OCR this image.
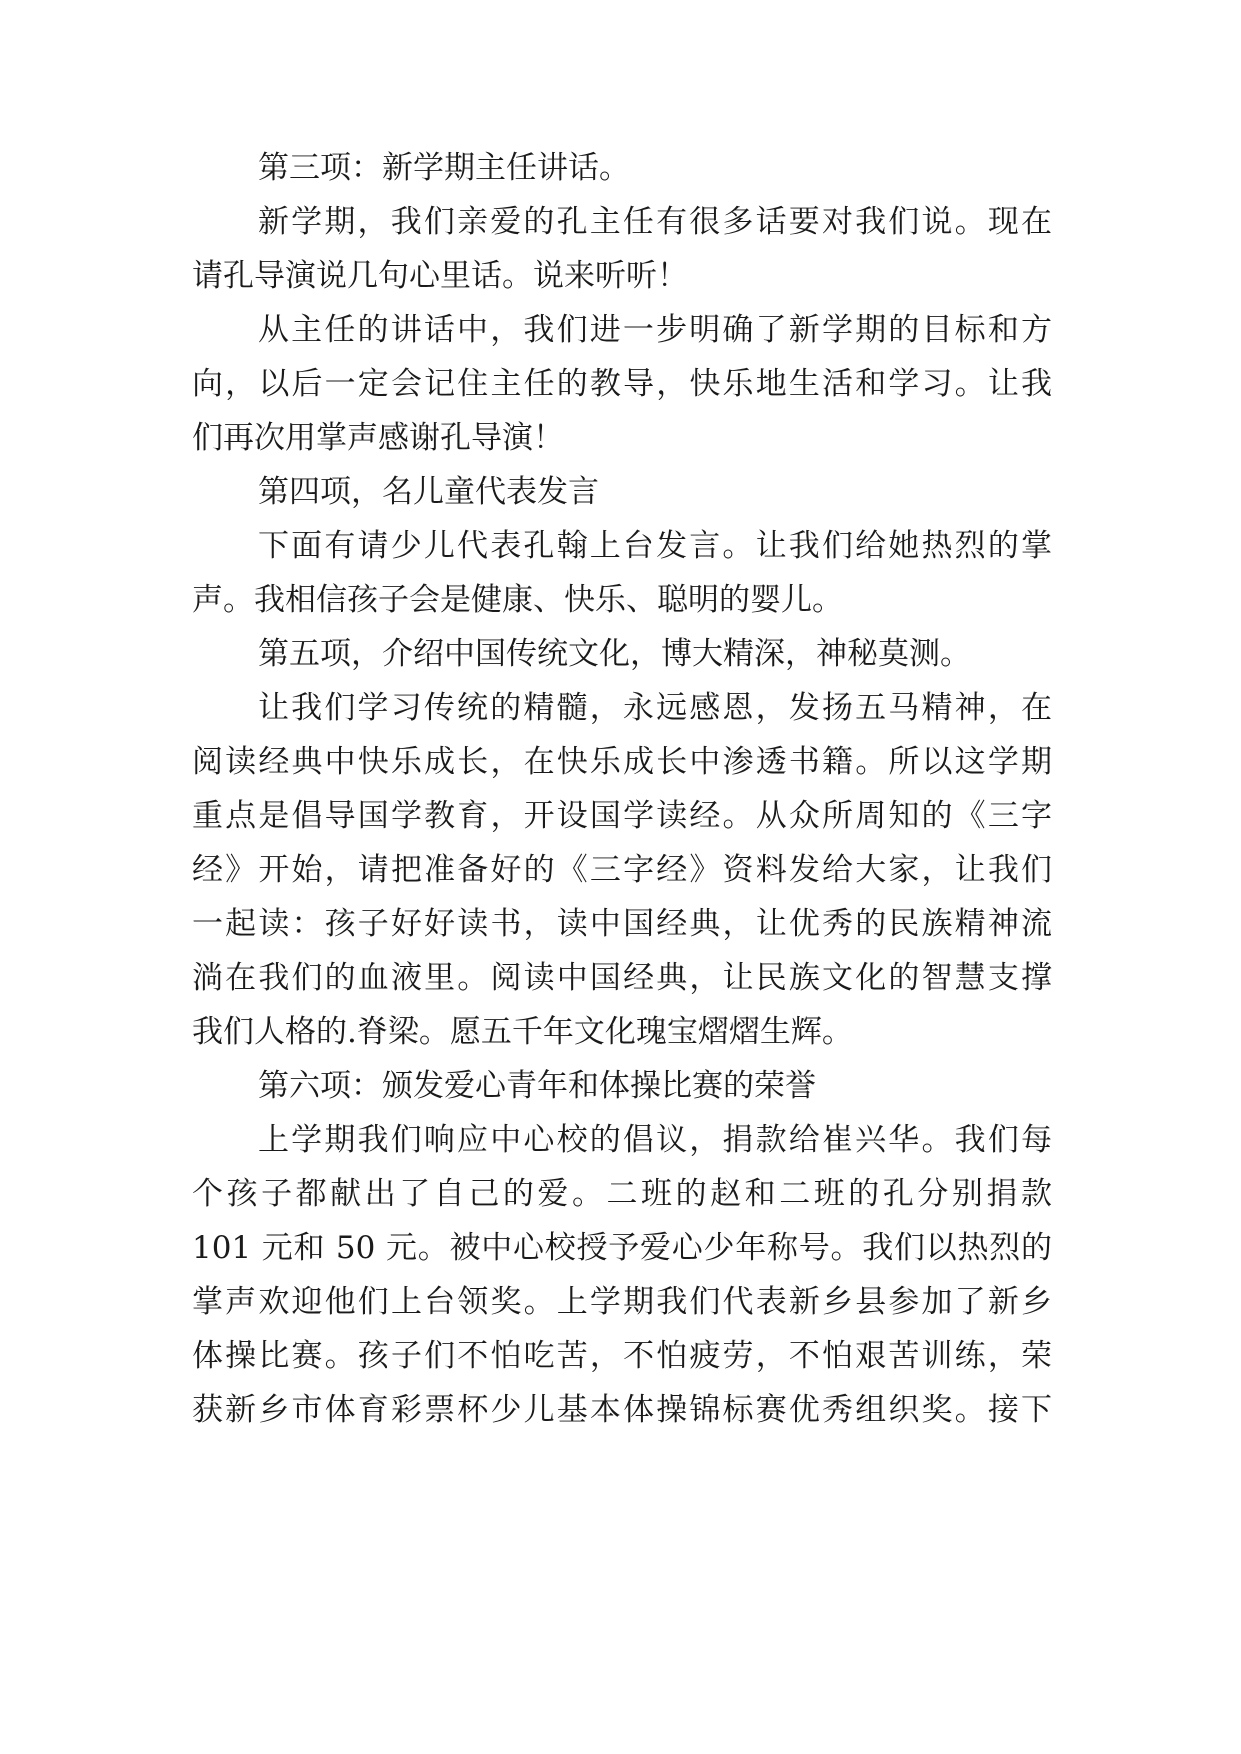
第三项：新学期主任讲话。

新学期，我们亲爱的孔主任有很多话要对我们说。现在

请孔导演说几句心里话。说来听听！

从主任的讲话中，我们进一步明确了新学期的目标和方

向，以后一定会记住主任的教导，快乐地生活和学习。让我

们再次用掌声感谢孔导演！

第四项，名儿童代表发言

下面有请少儿代表孔翰上台发言。让我们给她热烈的掌

声。我相信孩子会是健康、快乐、聪明的婴儿。

第五项，介绍中国传统文化，博大精深，神秘莫测。

让我们学习传统的精髓，永远感恩，发扬五马精神，在

阅读经典中快乐成长，在快乐成长中渗透书籍。所以这学期

重点是倡导国学教育，开设国学读经。从众所周知的《三字

经》开始，请把准备好的《三字经》资料发给大家，让我们

一起读：孩子好好读书，读中国经典，让优秀的民族精神流

淌在我们的血液里。阅读中国经典，让民族文化的智慧支撑

我们人格的.脊梁。愿五千年文化瑰宝熠熠生辉。

第六项：颁发爱心青年和体操比赛的荣誉

上学期我们响应中心校的倡议，捐款给崔兴华。我们每

个孩子都献出了自己的爱。二班的赵和二班的孔分别捐款

101 元和 50 元。被中心校授予爱心少年称号。我们以热烈的

掌声欢迎他们上台领奖。上学期我们代表新乡县参加了新乡

体操比赛。孩子们不怕吃苦，不怕疲劳，不怕艰苦训练，荣

获新乡市体育彩票杯少儿基本体操锦标赛优秀组织奖。接下
